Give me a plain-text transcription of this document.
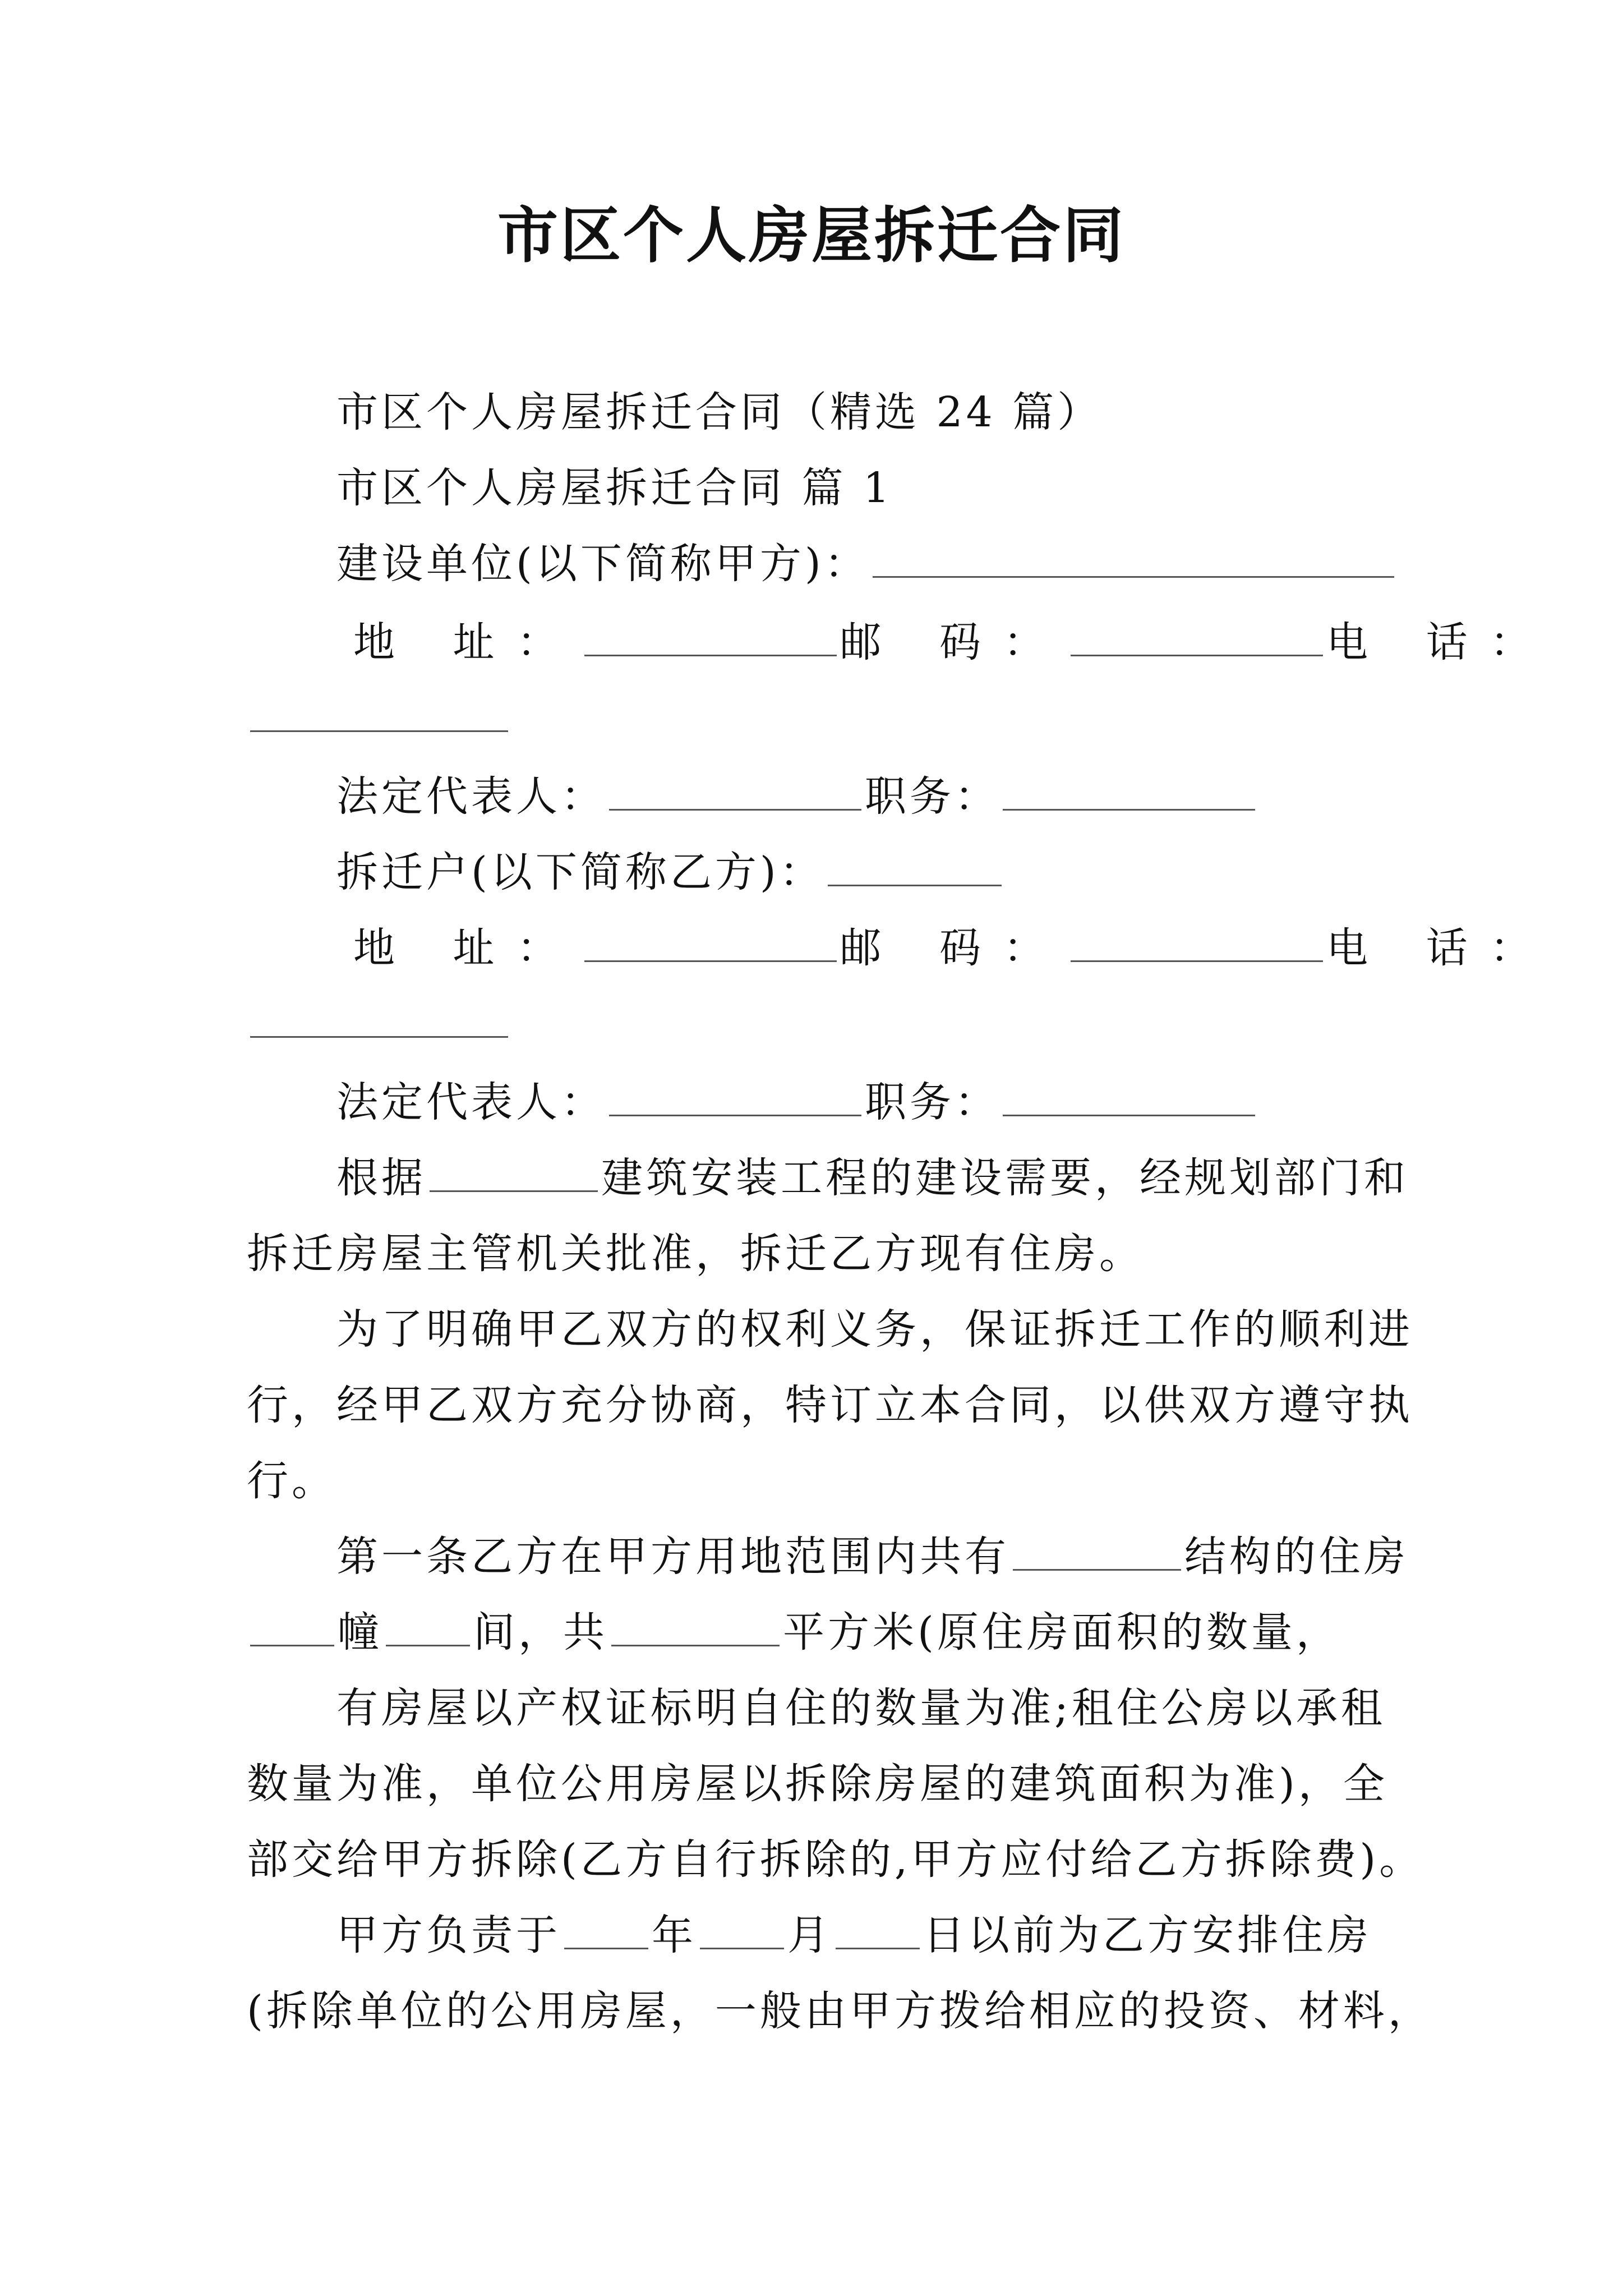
市区个人房屋拆迁合同
市区个人房屋拆迁合同（精选 24 篇）
市区个人房屋拆迁合同 篇 1
建设单位(以下简称甲方)：
地 址：	邮 码：	电 话：
法定代表人：	职务：
拆迁户(以下简称乙方)：
地 址：	邮 码：	电 话：
法定代表人：	职务：
根据	建筑安装工程的建设需要，经规划部门和
拆迁房屋主管机关批准，拆迁乙方现有住房。
为了明确甲乙双方的权利义务，保证拆迁工作的顺利进
行，经甲乙双方充分协商，特订立本合同，以供双方遵守执
行。
第一条乙方在甲方用地范围内共有	结构的住房
幢 间，共	平方米(原住房面积的数量，
有房屋以产权证标明自住的数量为准;租住公房以承租
数量为准，单位公用房屋以拆除房屋的建筑面积为准)，全
部交给甲方拆除(乙方自行拆除的,甲方应付给乙方拆除费)。
甲方负责于 年 月 日以前为乙方安排住房
(拆除单位的公用房屋，一般由甲方拨给相应的投资、材料，
